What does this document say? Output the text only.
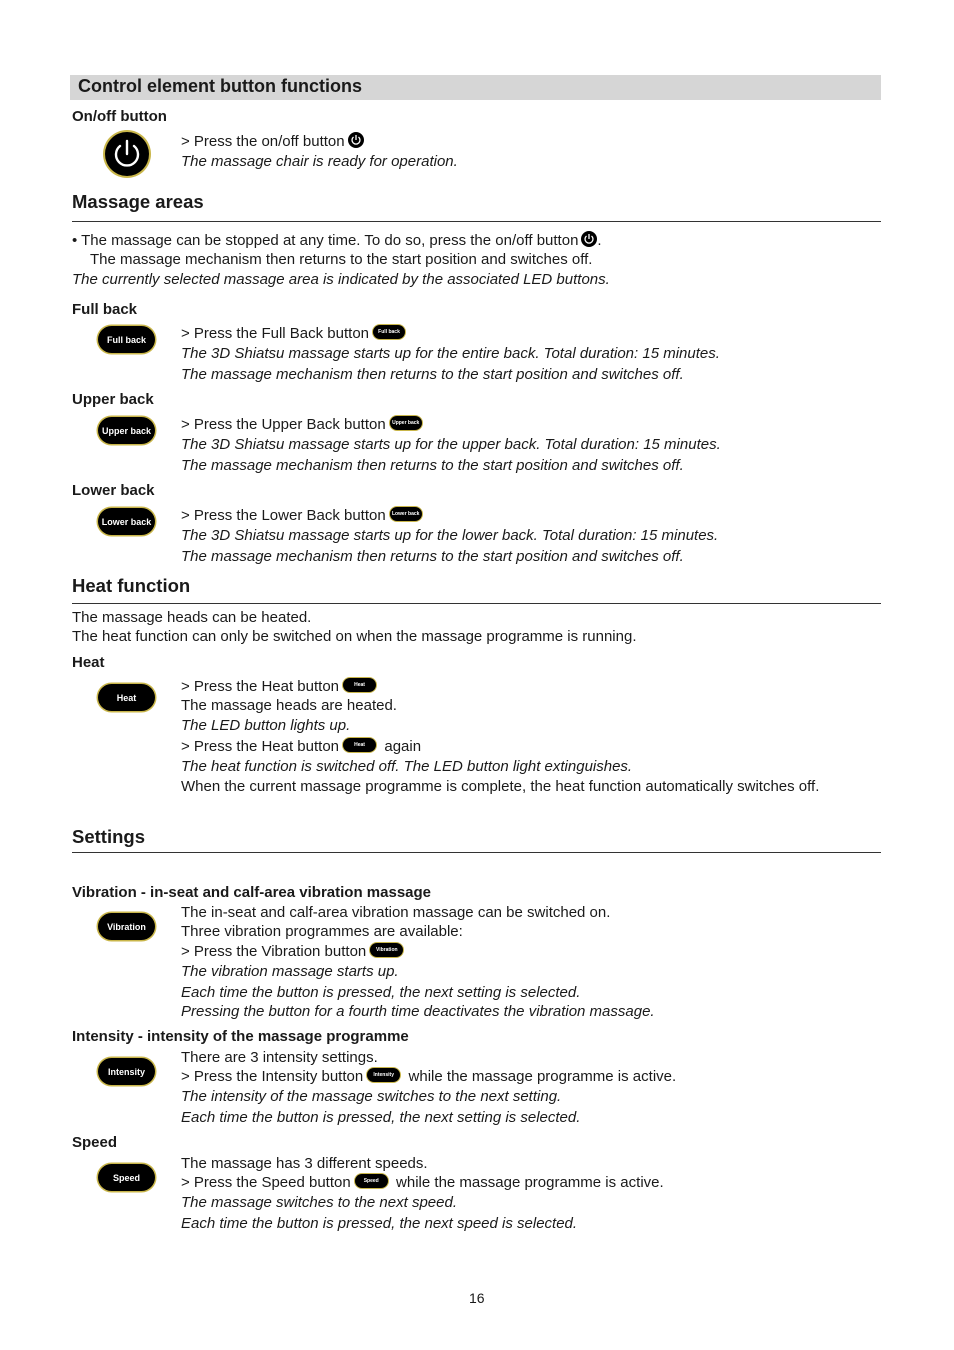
Control element button functions
On/off button
> Press the on/off button
The massage chair is ready for operation.
Massage areas
• The massage can be stopped at any time. To do so, press the on/off button .
The massage mechanism then returns to the start position and switches off.
The currently selected massage area is indicated by the associated LED buttons.
Full back
Full back	> Press the Full Back button Full back
The 3D Shiatsu massage starts up for the entire back. Total duration: 15 minutes.
The massage mechanism then returns to the start position and switches off.
Upper back
Upper back > Press the Upper Back button Upper back
The 3D Shiatsu massage starts up for the upper back. Total duration: 15 minutes.
The massage mechanism then returns to the start position and switches off.
Lower back
Lower back > Press the Lower Back button Lower back
The 3D Shiatsu massage starts up for the lower back. Total duration: 15 minutes.
The massage mechanism then returns to the start position and switches off.
Heat function
The massage heads can be heated.
The heat function can only be switched on when the massage programme is running.
Heat
Heat
> Press the Heat button	Heat
The massage heads are heated.
The LED button lights up.
> Press the Heat button	Heat again
The heat function is switched off. The LED button light extinguishes.
When the current massage programme is complete, the heat function automatically switches off.
Settings
Vibration - in-seat and calf-area vibration massage
Vibration
The in-seat and calf-area vibration massage can be switched on.
Three vibration programmes are available:
> Press the Vibration button Vibration
The vibration massage starts up.
Each time the button is pressed, the next setting is selected.
Pressing the button for a fourth time deactivates the vibration massage.
Intensity - intensity of the massage programme
Intensity
There are 3 intensity settings.
> Press the Intensity button Intensity while the massage programme is active.
The intensity of the massage switches to the next setting.
Each time the button is pressed, the next setting is selected.
Speed
Speed
The massage has 3 different speeds.
> Press the Speed button	Speed while the massage programme is active.
The massage switches to the next speed.
Each time the button is pressed, the next speed is selected.
16
